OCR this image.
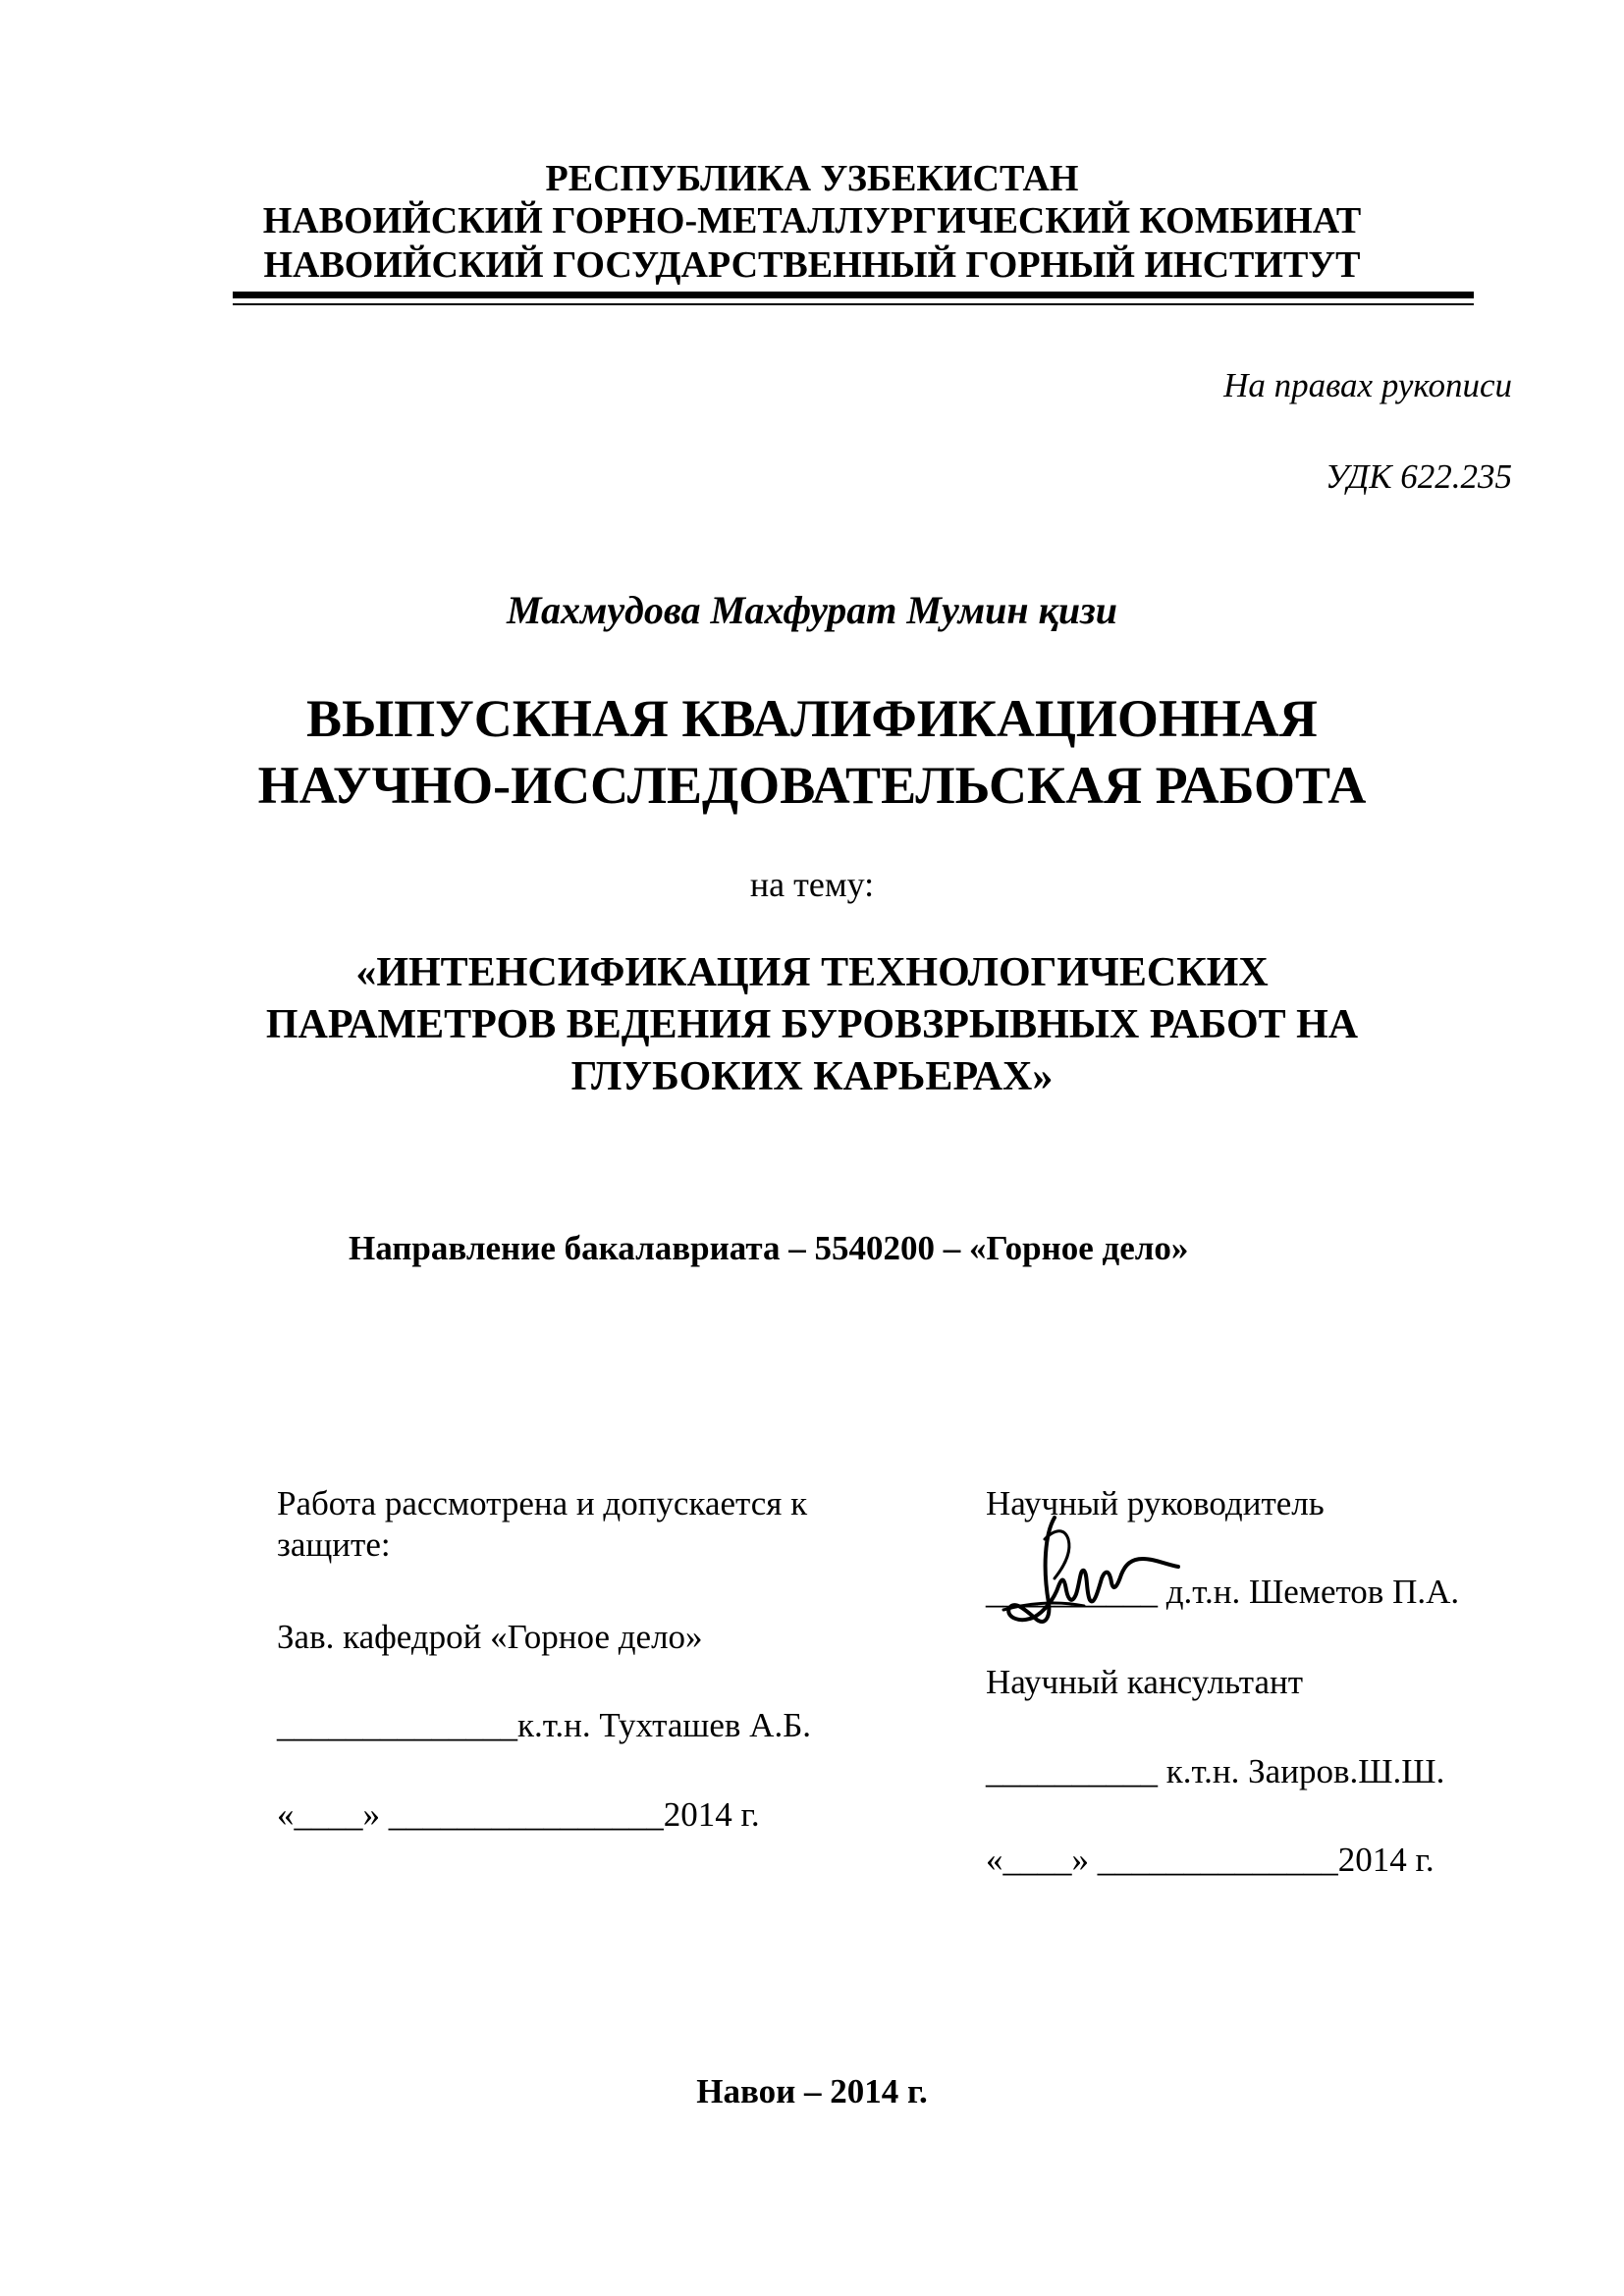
РЕСПУБЛИКА УЗБЕКИСТАН
НАВОИЙСКИЙ ГОРНО-МЕТАЛЛУРГИЧЕСКИЙ КОМБИНАТ
НАВОИЙСКИЙ ГОСУДАРСТВЕННЫЙ ГОРНЫЙ ИНСТИТУТ
На правах рукописи
УДК 622.235
Махмудова Махфурат Мумин қизи
ВЫПУСКНАЯ КВАЛИФИКАЦИОННАЯ
НАУЧНО-ИССЛЕДОВАТЕЛЬСКАЯ РАБОТА
на тему:
«ИНТЕНСИФИКАЦИЯ ТЕХНОЛОГИЧЕСКИХ
ПАРАМЕТРОВ ВЕДЕНИЯ БУРОВЗРЫВНЫХ РАБОТ НА
ГЛУБОКИХ КАРЬЕРАХ»
Направление бакалавриата – 5540200 – «Горное дело»
Работа рассмотрена и допускается к
защите:
Зав. кафедрой «Горное дело»
______________к.т.н. Тухташев А.Б.
«____» ________________2014 г.
Научный руководитель
__________ д.т.н. Шеметов П.А.
Научный кансультант
__________ к.т.н. Заиров.Ш.Ш.
«____» ______________2014 г.
Навои – 2014 г.
